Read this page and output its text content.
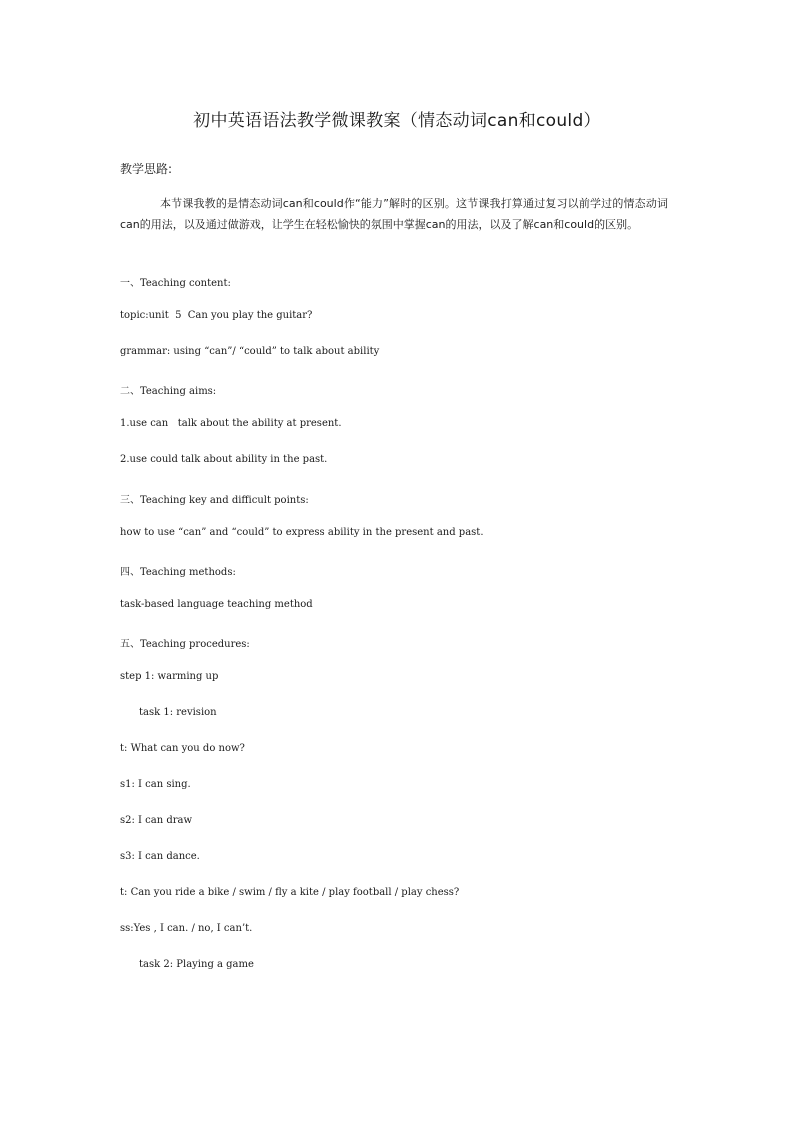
初中英语语法教学微课教案（情态动词can和could）
教学思路:
本节课我教的是情态动词can和could作“能力”解时的区别。这节课我打算通过复习以前学过的情态动词can的用法，以及通过做游戏，让学生在轻松愉快的氛围中掌握can的用法，以及了解can和could的区别。
一、Teaching content:
topic:unit  5  Can you play the guitar?
grammar: using “can”/ “could” to talk about ability
二、Teaching aims:
1.use can   talk about the ability at present.
2.use could talk about ability in the past.
三、Teaching key and difficult points:
how to use “can” and “could” to express ability in the present and past.
四、Teaching methods:
task-based language teaching method
五、Teaching procedures:
step 1: warming up
task 1: revision
t: What can you do now?
s1: I can sing.
s2: I can draw
s3: I can dance.
t: Can you ride a bike / swim / fly a kite / play football / play chess?
ss:Yes , I can. / no, I can’t.
task 2: Playing a game
